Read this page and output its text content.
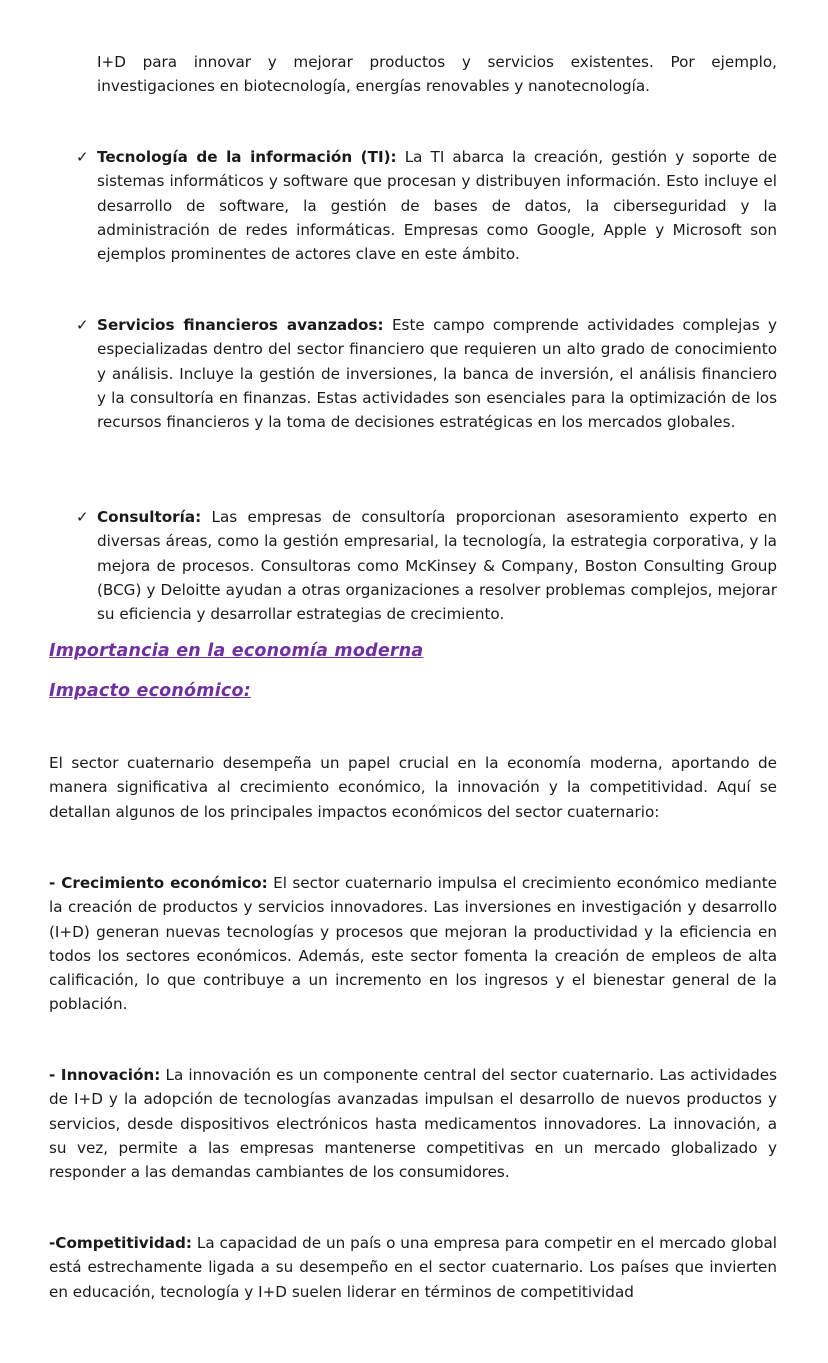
I+D para innovar y mejorar productos y servicios existentes. Por ejemplo, investigaciones en biotecnología, energías renovables y nanotecnología.

✓ Tecnología de la información (TI): La TI abarca la creación, gestión y soporte de sistemas informáticos y software que procesan y distribuyen información. Esto incluye el desarrollo de software, la gestión de bases de datos, la ciberseguridad y la administración de redes informáticas. Empresas como Google, Apple y Microsoft son ejemplos prominentes de actores clave en este ámbito.

✓ Servicios financieros avanzados: Este campo comprende actividades complejas y especializadas dentro del sector financiero que requieren un alto grado de conocimiento y análisis. Incluye la gestión de inversiones, la banca de inversión, el análisis financiero y la consultoría en finanzas. Estas actividades son esenciales para la optimización de los recursos financieros y la toma de decisiones estratégicas en los mercados globales.

✓ Consultoría: Las empresas de consultoría proporcionan asesoramiento experto en diversas áreas, como la gestión empresarial, la tecnología, la estrategia corporativa, y la mejora de procesos. Consultoras como McKinsey & Company, Boston Consulting Group (BCG) y Deloitte ayudan a otras organizaciones a resolver problemas complejos, mejorar su eficiencia y desarrollar estrategias de crecimiento.

Importancia en la economía moderna
Impacto económico:

El sector cuaternario desempeña un papel crucial en la economía moderna, aportando de manera significativa al crecimiento económico, la innovación y la competitividad. Aquí se detallan algunos de los principales impactos económicos del sector cuaternario:

- Crecimiento económico: El sector cuaternario impulsa el crecimiento económico mediante la creación de productos y servicios innovadores. Las inversiones en investigación y desarrollo (I+D) generan nuevas tecnologías y procesos que mejoran la productividad y la eficiencia en todos los sectores económicos. Además, este sector fomenta la creación de empleos de alta calificación, lo que contribuye a un incremento en los ingresos y el bienestar general de la población.

- Innovación: La innovación es un componente central del sector cuaternario. Las actividades de I+D y la adopción de tecnologías avanzadas impulsan el desarrollo de nuevos productos y servicios, desde dispositivos electrónicos hasta medicamentos innovadores. La innovación, a su vez, permite a las empresas mantenerse competitivas en un mercado globalizado y responder a las demandas cambiantes de los consumidores.

-Competitividad: La capacidad de un país o una empresa para competir en el mercado global está estrechamente ligada a su desempeño en el sector cuaternario. Los países que invierten en educación, tecnología y I+D suelen liderar en términos de competitividad
